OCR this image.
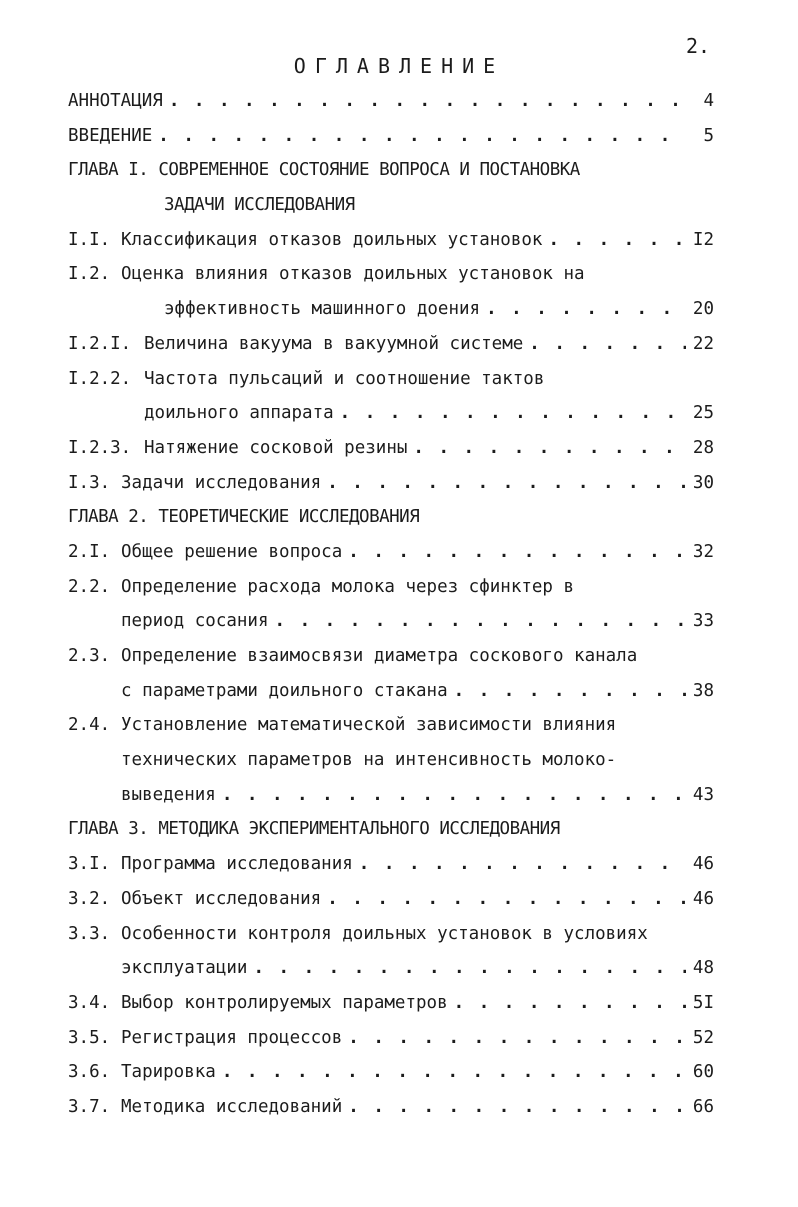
2.
ОГЛАВЛЕНИЕ
АННОТАЦИЯ . . .	4
ВВЕДЕНИЕ . . .	5
ГЛАВА I. СОВРЕМЕННОЕ СОСТОЯНИЕ ВОПРОСА И ПОСТАНОВКА
ЗАДАЧИ ИССЛЕДОВАНИЯ
I.I. Классификация отказов доильных установок . . .	I2
I.2. Оценка влияния отказов доильных установок на
эффективность машинного доения . . .	20
I.2.I. Величина вакуума в вакуумной системе . . .	22
I.2.2. Частота пульсаций и соотношение тактов
доильного аппарата . . .	25
I.2.3. Натяжение сосковой резины . . .	28
I.3. Задачи исследования . . .	30
ГЛАВА 2. ТЕОРЕТИЧЕСКИЕ ИССЛЕДОВАНИЯ
2.I. Общее решение вопроса . . .	32
2.2. Определение расхода молока через сфинктер в
период сосания . . .	33
2.3. Определение взаимосвязи диаметра соскового канала
с параметрами доильного стакана . . .	38
2.4. Установление математической зависимости влияния
технических параметров на интенсивность молоко-
выведения . . .	43
ГЛАВА 3. МЕТОДИКА ЭКСПЕРИМЕНТАЛЬНОГО ИССЛЕДОВАНИЯ
3.I. Программа исследования . . .	46
3.2. Объект исследования . . .	46
3.3. Особенности контроля доильных установок в условиях
эксплуатации . . .	48
3.4. Выбор контролируемых параметров . . .	5I
3.5. Регистрация процессов . . .	52
3.6. Тарировка . . .	60
3.7. Методика исследований . . .	66
